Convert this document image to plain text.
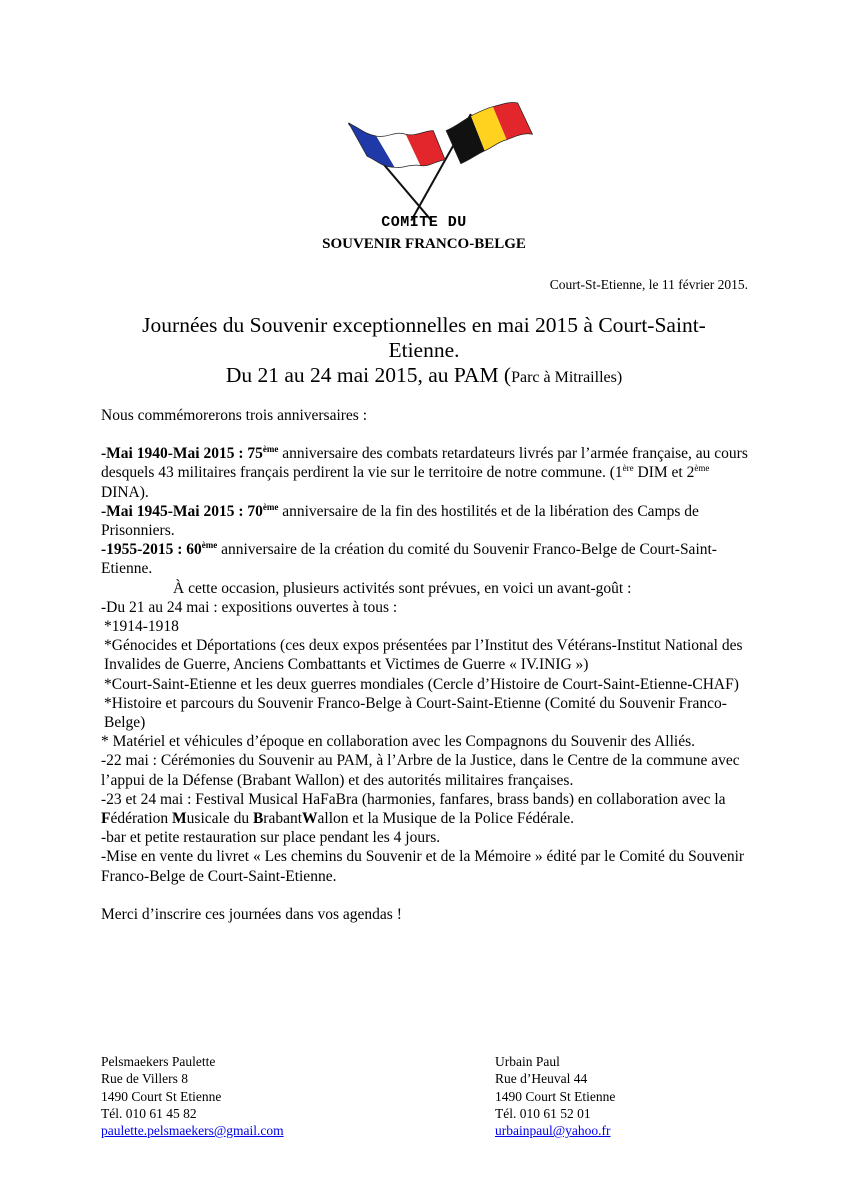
COMITE DU
SOUVENIR FRANCO-BELGE
Court-St-Etienne, le 11 février 2015.
Journées du Souvenir exceptionnelles en mai 2015 à Court-Saint-
Etienne.
Du 21 au 24 mai 2015, au PAM (Parc à Mitrailles)

Nous commémorerons trois anniversaires :

-Mai 1940-Mai 2015 : 75ème anniversaire des combats retardateurs livrés par l’armée française, au cours desquels 43 militaires français perdirent la vie sur le territoire de notre commune. (1ère DIM et 2ème DINA).

-Mai 1945-Mai 2015 : 70ème anniversaire de la fin des hostilités et de la libération des Camps de Prisonniers.

-1955-2015 : 60ème anniversaire de la création du comité du Souvenir Franco-Belge de Court-Saint-Etienne.

À cette occasion, plusieurs activités sont prévues, en voici un avant-goût :

-Du 21 au 24 mai : expositions ouvertes à tous :

*1914-1918

*Génocides et Déportations (ces deux expos présentées par l’Institut des Vétérans-Institut National des Invalides de Guerre, Anciens Combattants et Victimes de Guerre « IV.INIG »)

*Court-Saint-Etienne et les deux guerres mondiales (Cercle d’Histoire de Court-Saint-Etienne-CHAF)

*Histoire et parcours du Souvenir Franco-Belge à Court-Saint-Etienne (Comité du Souvenir Franco-Belge)

* Matériel et véhicules d’époque en collaboration avec les Compagnons du Souvenir des Alliés.

-22 mai : Cérémonies du Souvenir au PAM, à l’Arbre de la Justice, dans le Centre de la commune avec l’appui de la Défense (Brabant Wallon) et des autorités militaires françaises.

-23 et 24 mai : Festival Musical HaFaBra (harmonies, fanfares, brass bands) en collaboration avec la Fédération Musicale du BrabantWallon et la Musique de la Police Fédérale.

-bar et petite restauration sur place pendant les 4 jours.

-Mise en vente du livret « Les chemins du Souvenir et de la Mémoire » édité par le Comité du Souvenir Franco-Belge de Court-Saint-Etienne.

Merci d’inscrire ces journées dans vos agendas !

Pelsmaekers Paulette
Rue de Villers 8
1490 Court St Etienne
Tél. 010 61 45 82
paulette.pelsmaekers@gmail.com
Urbain Paul
Rue d’Heuval 44
1490 Court St Etienne
Tél. 010 61 52 01
urbainpaul@yahoo.fr
